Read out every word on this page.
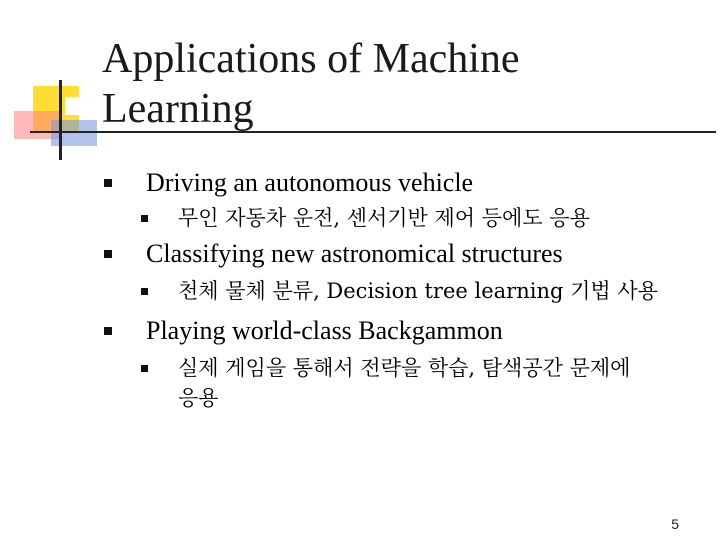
Applications of Machine
Learning
Driving an autonomous vehicle
무인 자동차 운전, 센서기반 제어 등에도 응용
Classifying new astronomical structures
천체 물체 분류, Decision tree learning 기법 사용
Playing world-class Backgammon
실제 게임을 통해서 전략을 학습, 탐색공간 문제에
응용
5
